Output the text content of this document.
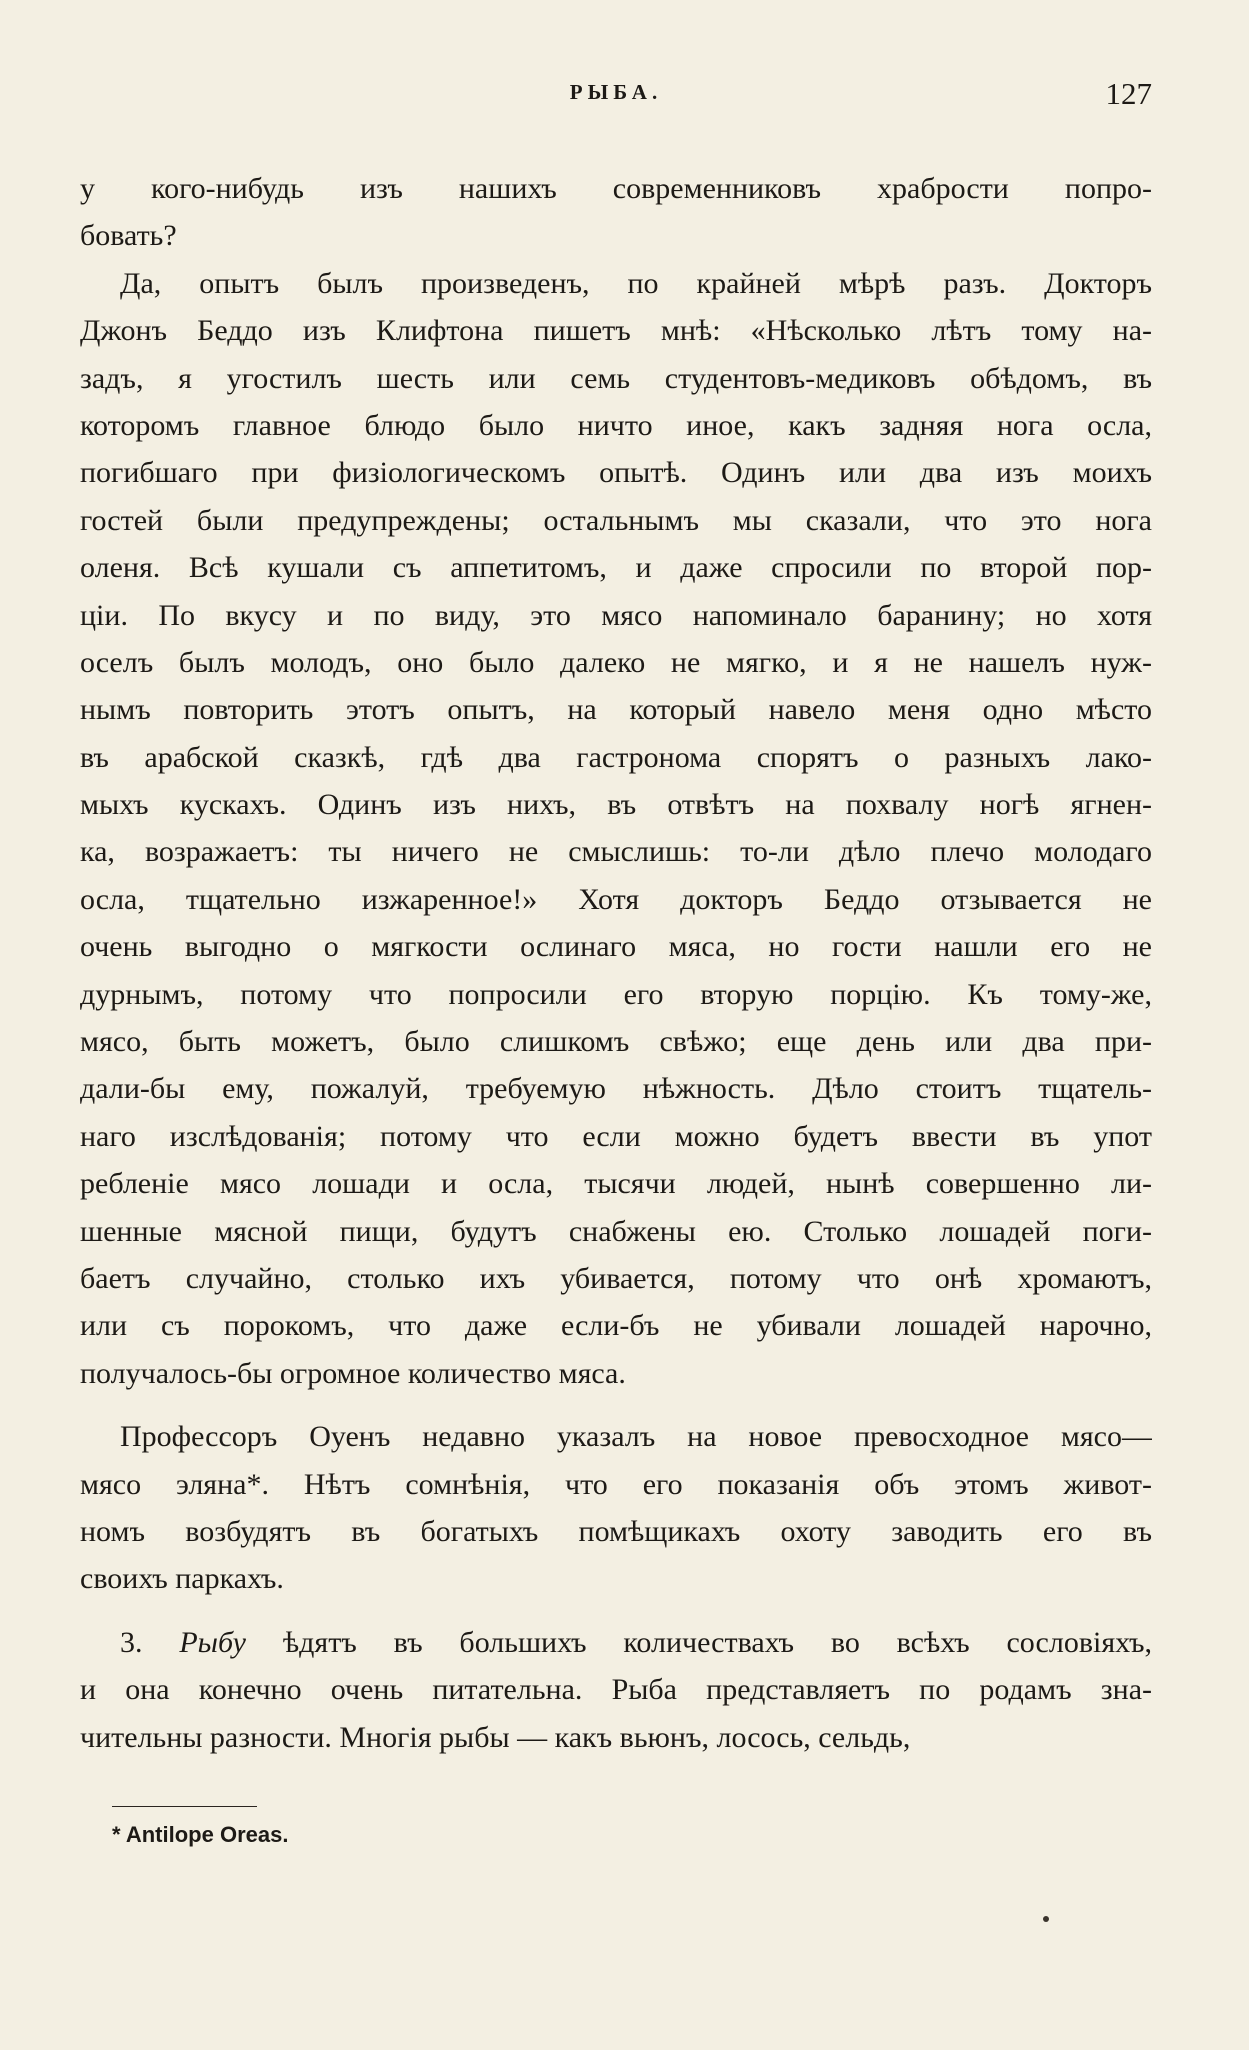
РЫБА.	127
у кого-нибудь изъ нашихъ современниковъ храбрости попро-
бовать?
Да, опытъ былъ произведенъ, по крайней мѣрѣ разъ. Докторъ
Джонъ Беддо изъ Клифтона пишетъ мнѣ: «Нѣсколько лѣтъ тому на-
задъ, я угостилъ шесть или семь студентовъ-медиковъ обѣдомъ, въ
которомъ главное блюдо было ничто иное, какъ задняя нога осла,
погибшаго при физіологическомъ опытѣ. Одинъ или два изъ моихъ
гостей были предупреждены; остальнымъ мы сказали, что это нога
оленя. Всѣ кушали съ аппетитомъ, и даже спросили по второй пор-
ціи. По вкусу и по виду, это мясо напоминало баранину; но хотя
оселъ былъ молодъ, оно было далеко не мягко, и я не нашелъ нуж-
нымъ повторить этотъ опытъ, на который навело меня одно мѣсто
въ арабской сказкѣ, гдѣ два гастронома спорятъ о разныхъ лако-
мыхъ кускахъ. Одинъ изъ нихъ, въ отвѣтъ на похвалу ногѣ ягнен-
ка, возражаетъ: ты ничего не смыслишь: то-ли дѣло плечо молодаго
осла, тщательно изжаренное!» Хотя докторъ Беддо отзывается не
очень выгодно о мягкости ослинаго мяса, но гости нашли его не
дурнымъ, потому что попросили его вторую порцію. Къ тому-же,
мясо, быть можетъ, было слишкомъ свѣжо; еще день или два при-
дали-бы ему, пожалуй, требуемую нѣжность. Дѣло стоитъ тщатель-
наго изслѣдованія; потому что если можно будетъ ввести въ упот
ребленіе мясо лошади и осла, тысячи людей, нынѣ совершенно ли-
шенные мясной пищи, будутъ снабжены ею. Столько лошадей поги-
баетъ случайно, столько ихъ убивается, потому что онѣ хромаютъ,
или съ порокомъ, что даже если-бъ не убивали лошадей нарочно,
получалось-бы огромное количество мяса.
Профессоръ Оуенъ недавно указалъ на новое превосходное мясо—
мясо эляна*. Нѣтъ сомнѣнія, что его показанія объ этомъ живот-
номъ возбудятъ въ богатыхъ помѣщикахъ охоту заводить его въ
своихъ паркахъ.
3. Рыбу ѣдятъ въ большихъ количествахъ во всѣхъ сословіяхъ,
и она конечно очень питательна. Рыба представляетъ по родамъ зна-
чительны разности. Многія рыбы — какъ вьюнъ, лосось, сельдь,
* Antilope Oreas.
